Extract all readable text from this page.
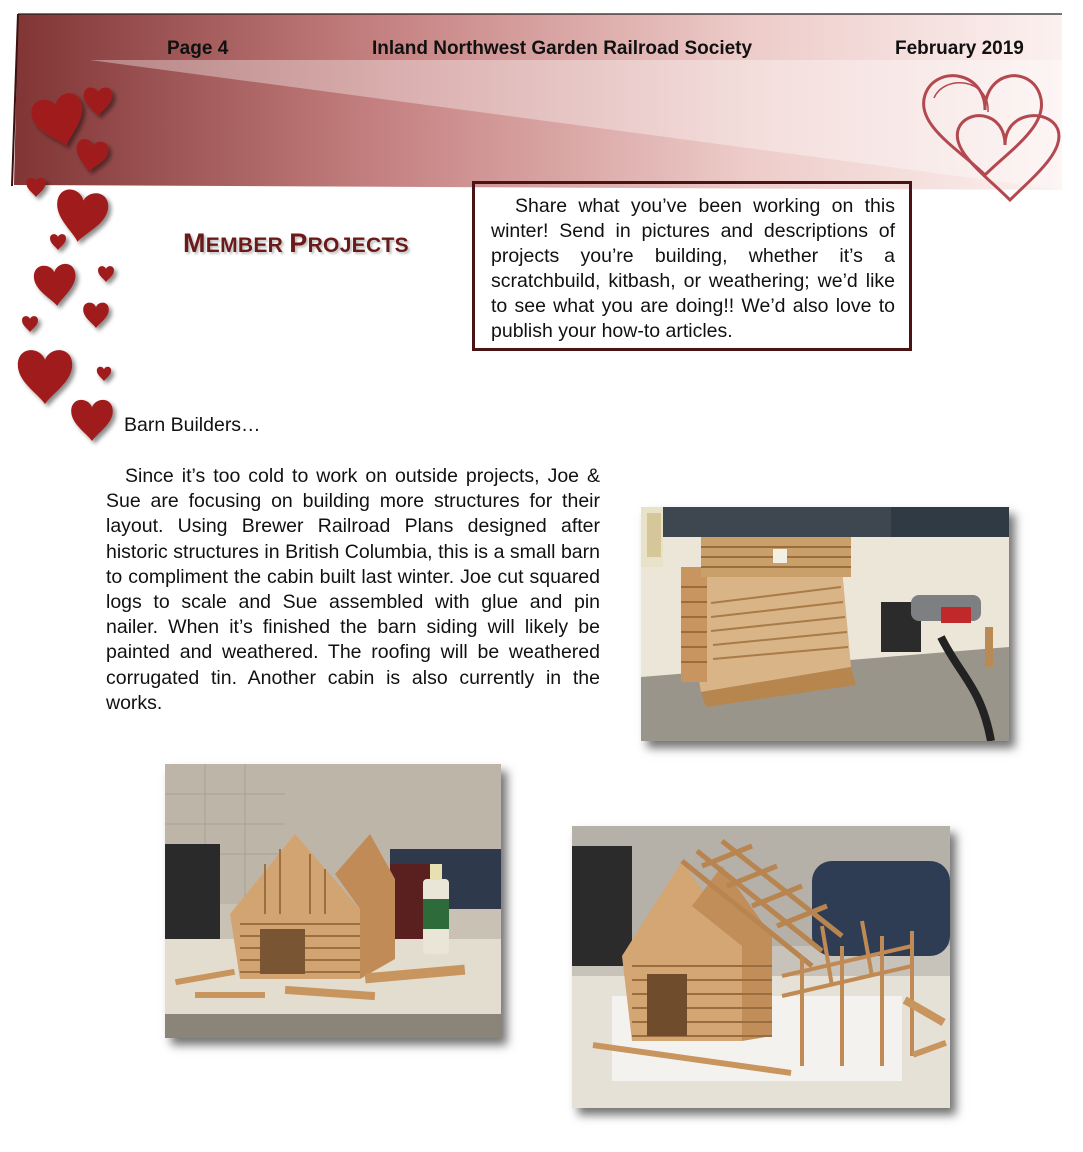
Page 4	Inland Northwest Garden Railroad Society	February 2019
MEMBER PROJECTS

Share what you’ve been working on this winter! Send in pictures and descriptions of projects you’re building, whether it’s a scratchbuild, kitbash, or weathering; we’d like to see what you are doing!! We’d also love to publish your how-to articles.

Barn Builders…

Since it’s too cold to work on outside projects, Joe & Sue are focusing on building more structures for their layout. Using Brewer Railroad Plans designed after historic structures in British Columbia, this is a small barn to compliment the cabin built last winter. Joe cut squared logs to scale and Sue assembled with glue and pin nailer. When it’s finished the barn siding will likely be painted and weathered. The roofing will be weathered corrugated tin. Another cabin is also currently in the works.
